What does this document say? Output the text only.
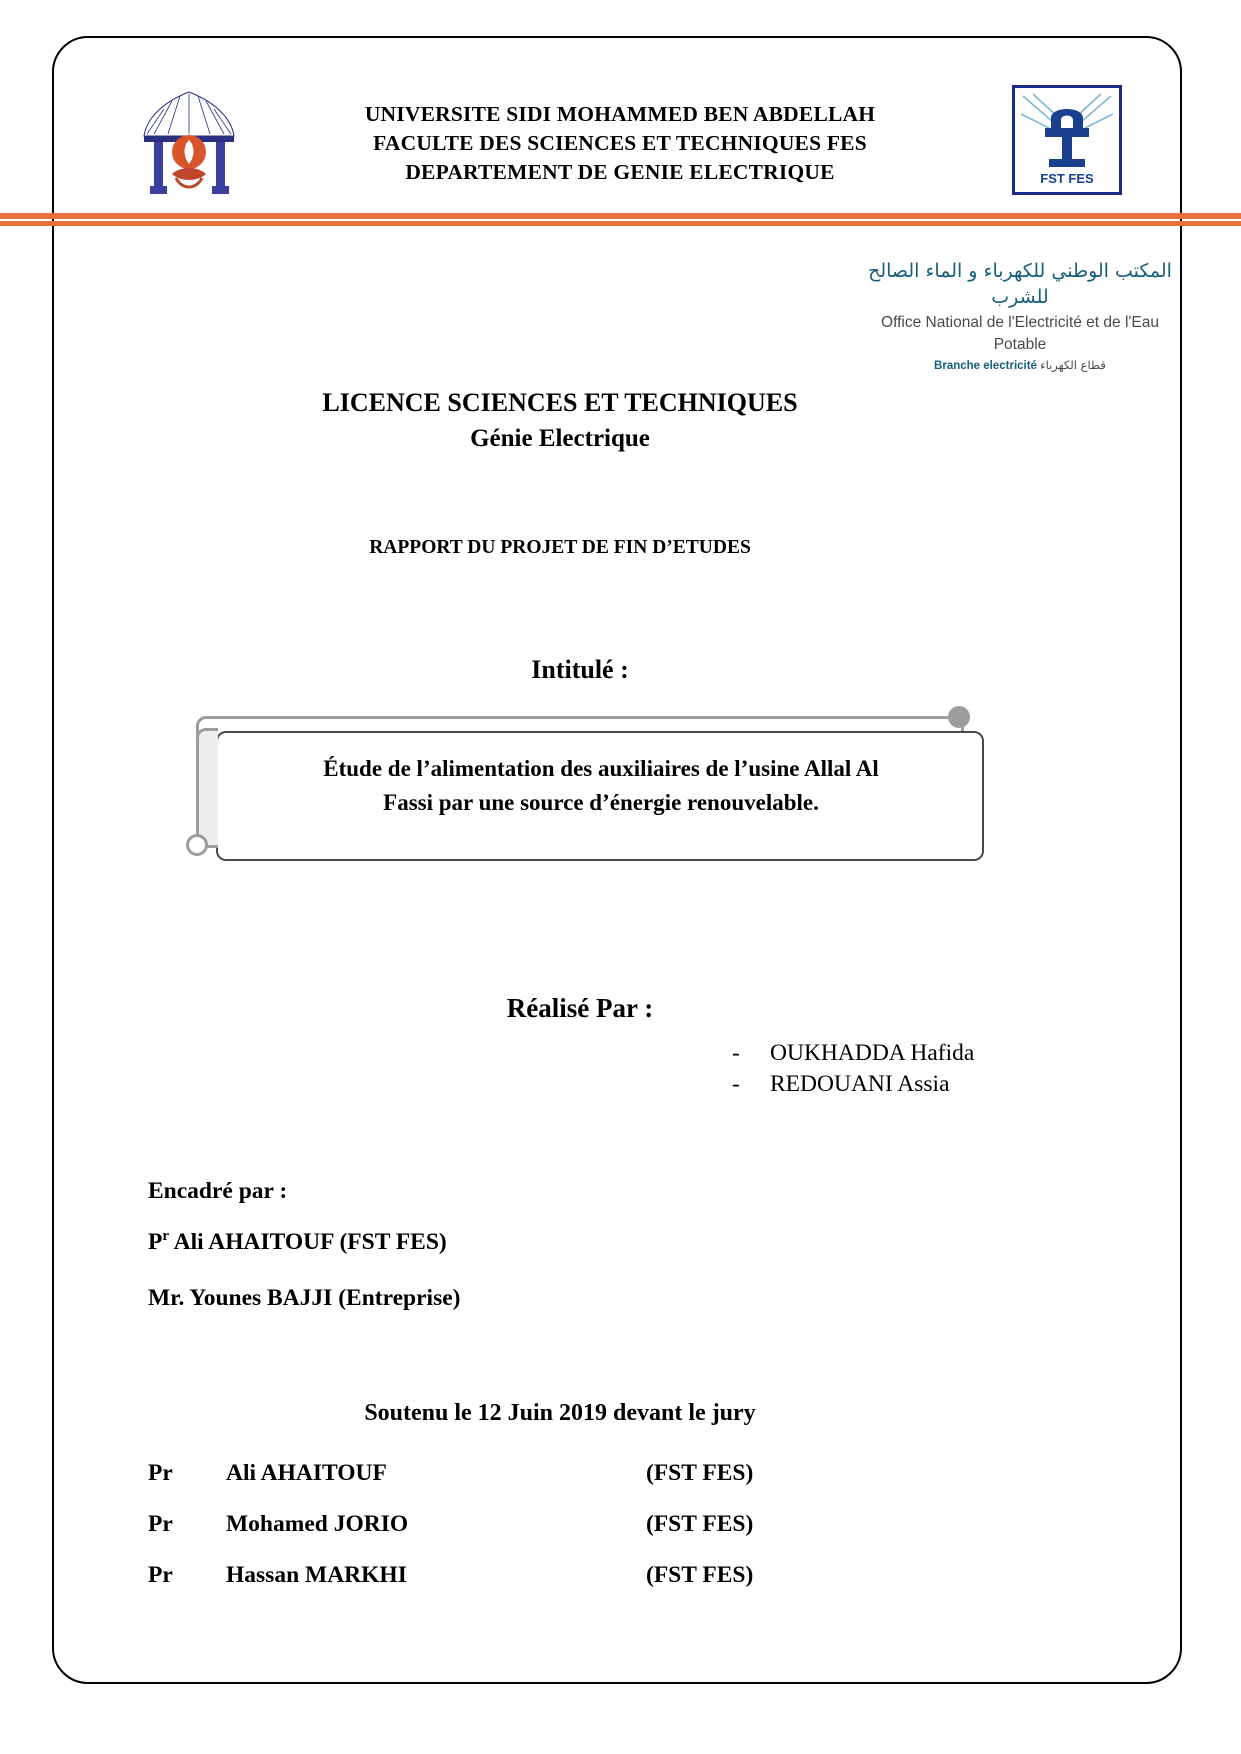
UNIVERSITE SIDI MOHAMMED BEN ABDELLAH
FACULTE DES SCIENCES ET TECHNIQUES FES
DEPARTEMENT DE GENIE ELECTRIQUE	FST FES
المكتب الوطني للكهرباء و الماء الصالح للشرب
Office National de l'Electricité et de l'Eau Potable
Branche electricité قطاع الكهرباء
LICENCE SCIENCES ET TECHNIQUES
Génie Electrique
RAPPORT DU PROJET DE FIN D’ETUDES
Intitulé :
Étude de l’alimentation des auxiliaires de l’usine Allal Al
Fassi par une source d’énergie renouvelable.
Réalisé Par :
- OUKHADDA Hafida
- REDOUANI Assia
Encadré par :
$P^r$ Ali AHAITOUF (FST FES)
Mr. Younes BAJJI (Entreprise)
Soutenu le 12 Juin 2019 devant le jury
Pr	Ali AHAITOUF	(FST FES)
Pr	Mohamed JORIO	(FST FES)
Pr	Hassan MARKHI	(FST FES)
